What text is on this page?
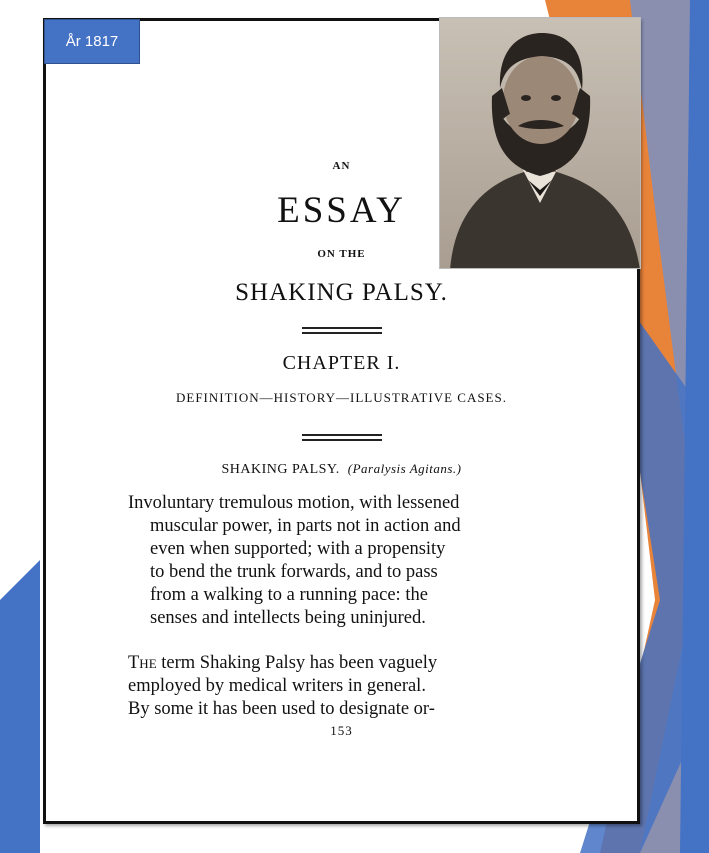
År 1817
AN
ESSAY
ON THE
SHAKING PALSY.
CHAPTER I.
DEFINITION—HISTORY—ILLUSTRATIVE CASES.
SHAKING PALSY. (Paralysis Agitans.)
Involuntary tremulous motion, with lessened
muscular power, in parts not in action and
even when supported; with a propensity
to bend the trunk forwards, and to pass
from a walking to a running pace: the
senses and intellects being uninjured.
The term Shaking Palsy has been vaguely
employed by medical writers in general.
By some it has been used to designate or-
153
